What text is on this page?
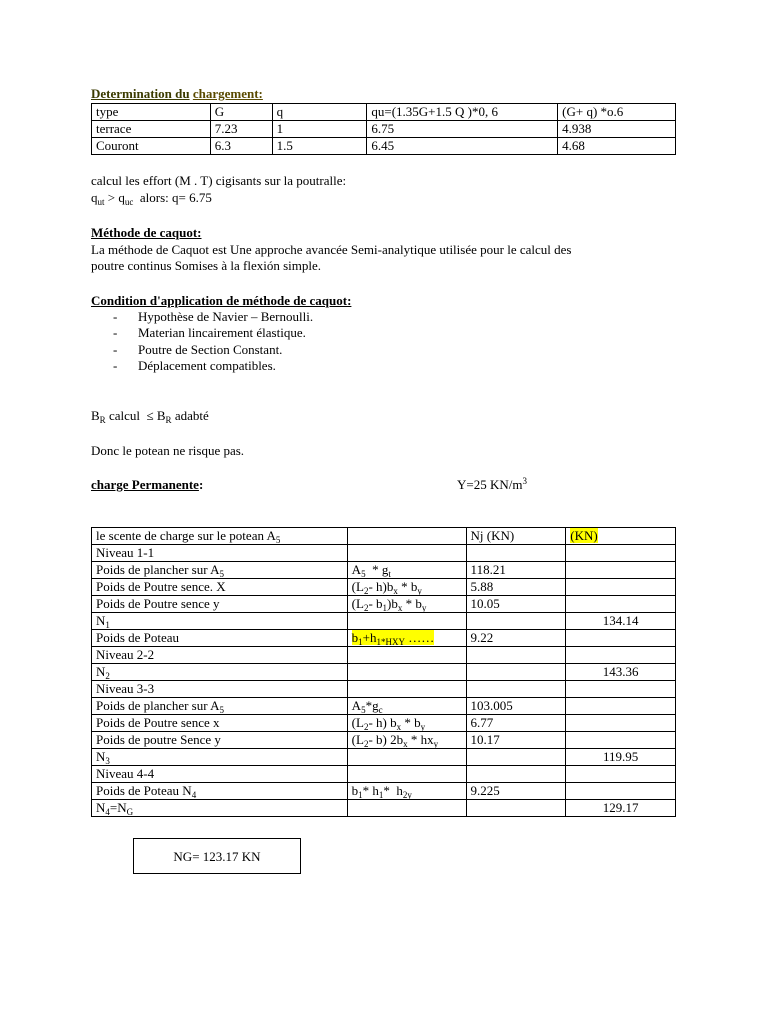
Determination du chargement:
type	G	q	qu=(1.35G+1.5 Q )*0, 6	(G+ q) *o.6
terrace	7.23	1	6.75	4.938
Couront	6.3	1.5	6.45	4.68
calcul les effort (M . T) cigisants sur la poutralle:
$q_{ut} > q_{uc}$ alors: q= 6.75
Méthode de caquot:
La méthode de Caquot est Une approche avancée Semi-analytique utilisée pour le calcul des
poutre continus Somises à la flexión simple.
Condition d'application de méthode de caquot:
- Hypothèse de Navier – Bernoulli.
- Materian lincairement élastique.
- Poutre de Section Constant.
- Déplacement compatibles.
$B_R$ calcul ≤ $B_R$ adabté
Donc le potean ne risque pas.
charge Permanente:	Y=25 $KN/m^3$
le scente de charge sur le potean $A_5$		Nj (KN)	(KN)
Niveau 1-1			
Poids de plancher sur $A_5$	$A_5 * g_t$	118.21	
Poids de Poutre sence. X	($L_2-$ $h)b_x * b_y$	5.88	
Poids de Poutre sence y	($L_2-$ $b_1)b_x * b_y$	10.05	
$N_1$			134.14
Poids de Poteau	$b_1+h_{1*HXY}$ ……	9.22	
Niveau 2-2			
$N_2$			143.36
Niveau 3-3			
Poids de plancher sur $A_5$	$A_5*g_c$	103.005	
Poids de Poutre sence x	($L_2-$ h) $b_x * b_y$	6.77	
Poids de poutre Sence y	($L_2-$ b) $2b_x * hx_y$	10.17	
$N_3$			119.95
Niveau 4-4			
Poids de Poteau $N_4$	$b_1*$ $h_1*$  $h_{2y}$	9.225	
$N_4=N_G$			129.17
NG= 123.17 KN
